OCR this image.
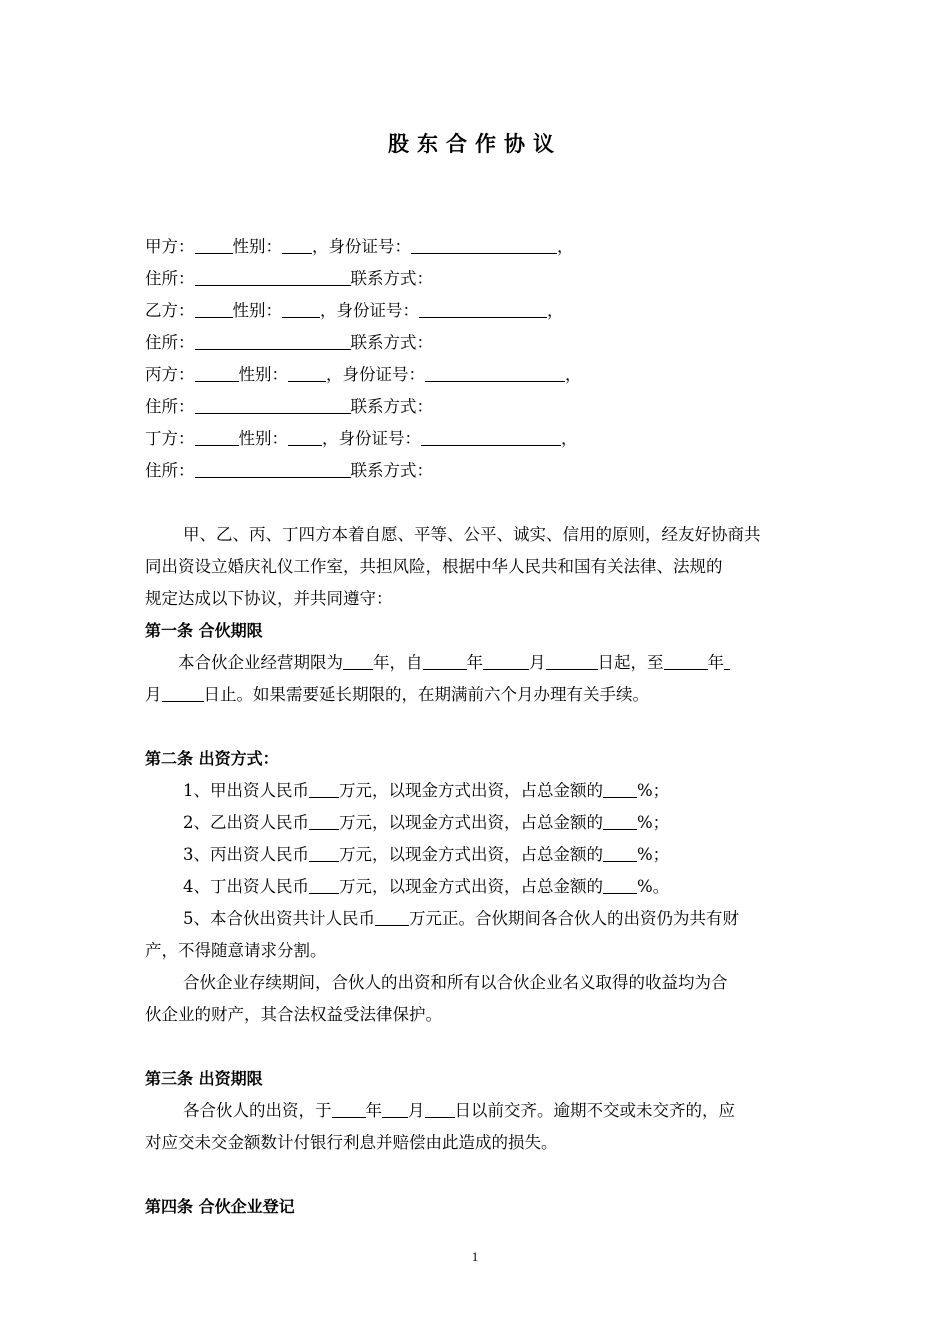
股东合作协议
甲方： 性别： ，身份证号：	，
住所：	联系方式：
乙方： 性别： ，身份证号：	，
住所：	联系方式：
丙方：	性别： ，身份证号：	，
住所：	联系方式：
丁方：	性别： ，身份证号：	，
住所：	联系方式：
甲、乙、丙、丁四方本着自愿、平等、公平、诚实、信用的原则，经友好协商共
同出资设立婚庆礼仪工作室，共担风险，根据中华人民共和国有关法律、法规的
规定达成以下协议，并共同遵守：
第一条 合伙期限
本合伙企业经营期限为 年，自	年	月	日起，至	年
月	日止。如果需要延长期限的，在期满前六个月办理有关手续。
第二条 出资方式：
1、甲出资人民币 万元，以现金方式出资，占总金额的 %；
2、乙出资人民币 万元，以现金方式出资，占总金额的 %；
3、丙出资人民币 万元，以现金方式出资，占总金额的 %；
4、丁出资人民币 万元，以现金方式出资，占总金额的 %。
5、本合伙出资共计人民币 万元正。合伙期间各合伙人的出资仍为共有财
产，不得随意请求分割。
合伙企业存续期间，合伙人的出资和所有以合伙企业名义取得的收益均为合
伙企业的财产，其合法权益受法律保护。
第三条 出资期限
各合伙人的出资，于 年 月 日以前交齐。逾期不交或未交齐的，应
对应交未交金额数计付银行利息并赔偿由此造成的损失。
第四条 合伙企业登记
1
